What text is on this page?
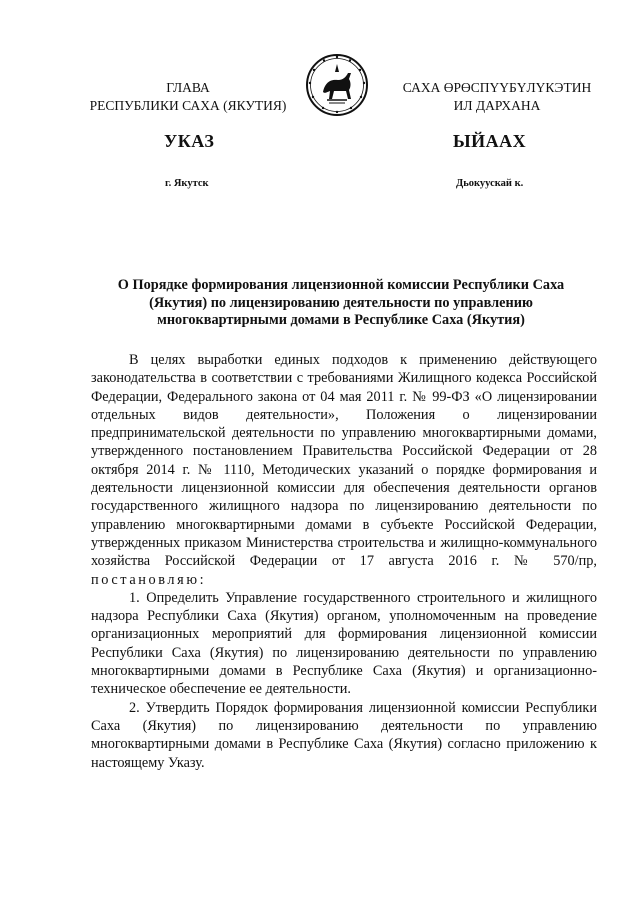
ГЛАВА
РЕСПУБЛИКИ САХА (ЯКУТИЯ)
САХА ӨРӨСПҮҮБҮЛҮКЭТИН
ИЛ ДАРХАНА
УКАЗ	ЫЙААХ
г. Якутск	Дьокуускай к.
О Порядке формирования лицензионной комиссии Республики Саха
(Якутия) по лицензированию деятельности по управлению
многоквартирными домами в Республике Саха (Якутия)

В целях выработки единых подходов к применению действующего законодательства в соответствии с требованиями Жилищного кодекса Российской Федерации, Федерального закона от 04 мая 2011 г. № 99-ФЗ «О лицензировании отдельных видов деятельности», Положения о лицензировании предпринимательской деятельности по управлению многоквартирными домами, утвержденного постановлением Правительства Российской Федерации от 28 октября 2014 г. № 1110, Методических указаний о порядке формирования и деятельности лицензионной комиссии для обеспечения деятельности органов государственного жилищного надзора по лицензированию деятельности по управлению многоквартирными домами в субъекте Российской Федерации, утвержденных приказом Министерства строительства и жилищно-коммунального хозяйства Российской Федерации от 17 августа 2016 г. № 570/пр, постановляю:

1. Определить Управление государственного строительного и жилищного надзора Республики Саха (Якутия) органом, уполномоченным на проведение организационных мероприятий для формирования лицензионной комиссии Республики Саха (Якутия) по лицензированию деятельности по управлению многоквартирными домами в Республике Саха (Якутия) и организационно-техническое обеспечение ее деятельности.

2. Утвердить Порядок формирования лицензионной комиссии Республики Саха (Якутия) по лицензированию деятельности по управлению многоквартирными домами в Республике Саха (Якутия) согласно приложению к настоящему Указу.
